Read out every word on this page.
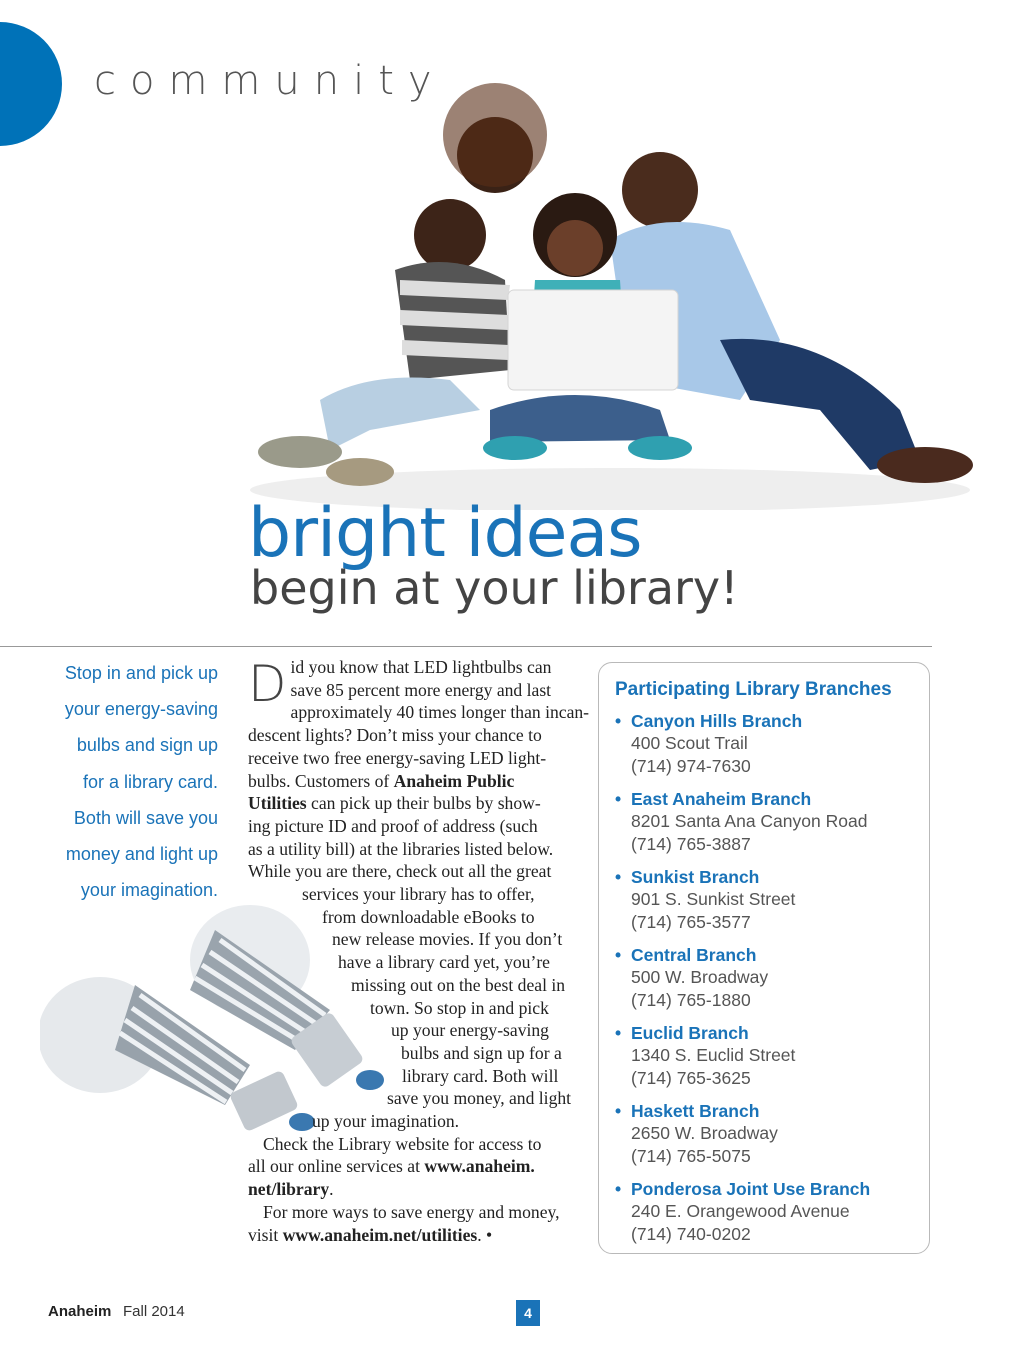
community
bright ideas
begin at your library!
Stop in and pick up
your energy-saving
bulbs and sign up
for a library card.
Both will save you
money and light up
your imagination.
D id you know that LED lightbulbs can
save 85 percent more energy and last
approximately 40 times longer than incan-
descent lights? Don’t miss your chance to
receive two free energy-saving LED light-
bulbs. Customers of Anaheim Public
Utilities can pick up their bulbs by show-
ing picture ID and proof of address (such
as a utility bill) at the libraries listed below.
While you are there, check out all the great
services your library has to offer,
from downloadable eBooks to
new release movies. If you don’t
have a library card yet, you’re
missing out on the best deal in
town. So stop in and pick
up your energy-saving
bulbs and sign up for a
library card. Both will
save you money, and light
up your imagination.
Check the Library website for access to
all our online services at www.anaheim.
net/library.
For more ways to save energy and money,
visit www.anaheim.net/utilities. •
Participating Library Branches
• Canyon Hills Branch
400 Scout Trail
(714) 974-7630
• East Anaheim Branch
8201 Santa Ana Canyon Road
(714) 765-3887
• Sunkist Branch
901 S. Sunkist Street
(714) 765-3577
• Central Branch
500 W. Broadway
(714) 765-1880
• Euclid Branch
1340 S. Euclid Street
(714) 765-3625
• Haskett Branch
2650 W. Broadway
(714) 765-5075
• Ponderosa Joint Use Branch
240 E. Orangewood Avenue
(714) 740-0202
Anaheim Fall 2014	4
